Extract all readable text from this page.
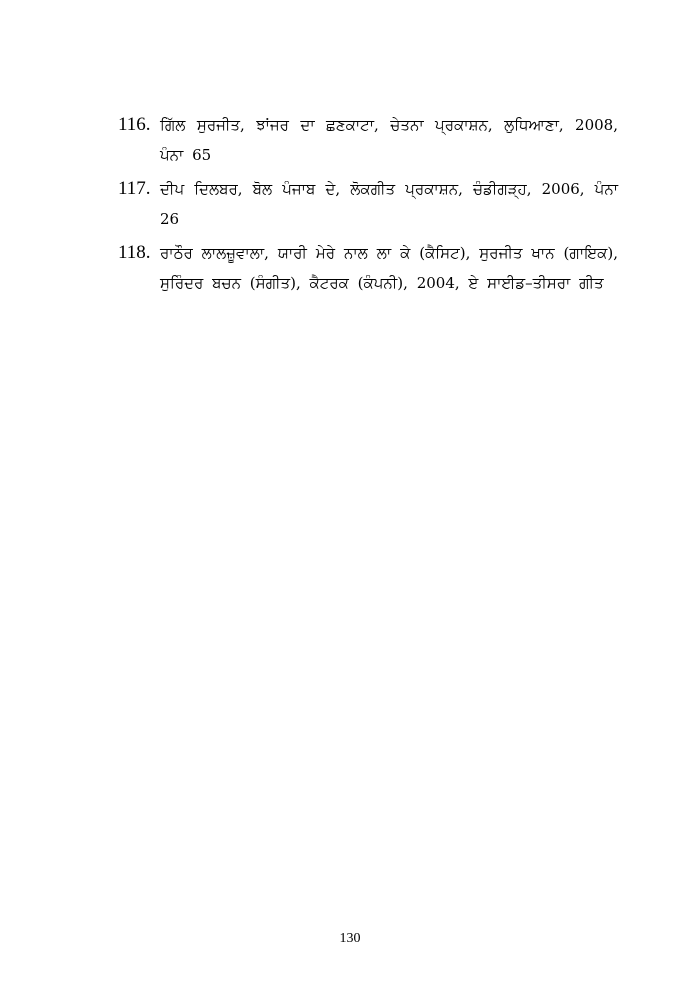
116. ਗਿੱਲ ਸੁਰਜੀਤ, ਝਾਂਜਰ ਦਾ ਛਣਕਾਟਾ, ਚੇਤਨਾ ਪ੍ਰਕਾਸ਼ਨ, ਲੁਧਿਆਣਾ, 2008, ਪੰਨਾ 65
117. ਦੀਪ ਦਿਲਬਰ, ਬੋਲ ਪੰਜਾਬ ਦੇ, ਲੋਕਗੀਤ ਪ੍ਰਕਾਸ਼ਨ, ਚੰਡੀਗੜ੍ਹ, 2006, ਪੰਨਾ 26
118. ਰਾਠੌਰ ਲਾਲਜ਼ੂਵਾਲਾ, ਯਾਰੀ ਮੇਰੇ ਨਾਲ ਲਾ ਕੇ (ਕੈਸਿਟ), ਸੁਰਜੀਤ ਖਾਨ (ਗਾਇਕ), ਸੁਰਿੰਦਰ ਬਚਨ (ਸੰਗੀਤ), ਕੈਟਰਕ (ਕੰਪਨੀ), 2004, ਏ ਸਾਈਡ–ਤੀਸਰਾ ਗੀਤ
130
